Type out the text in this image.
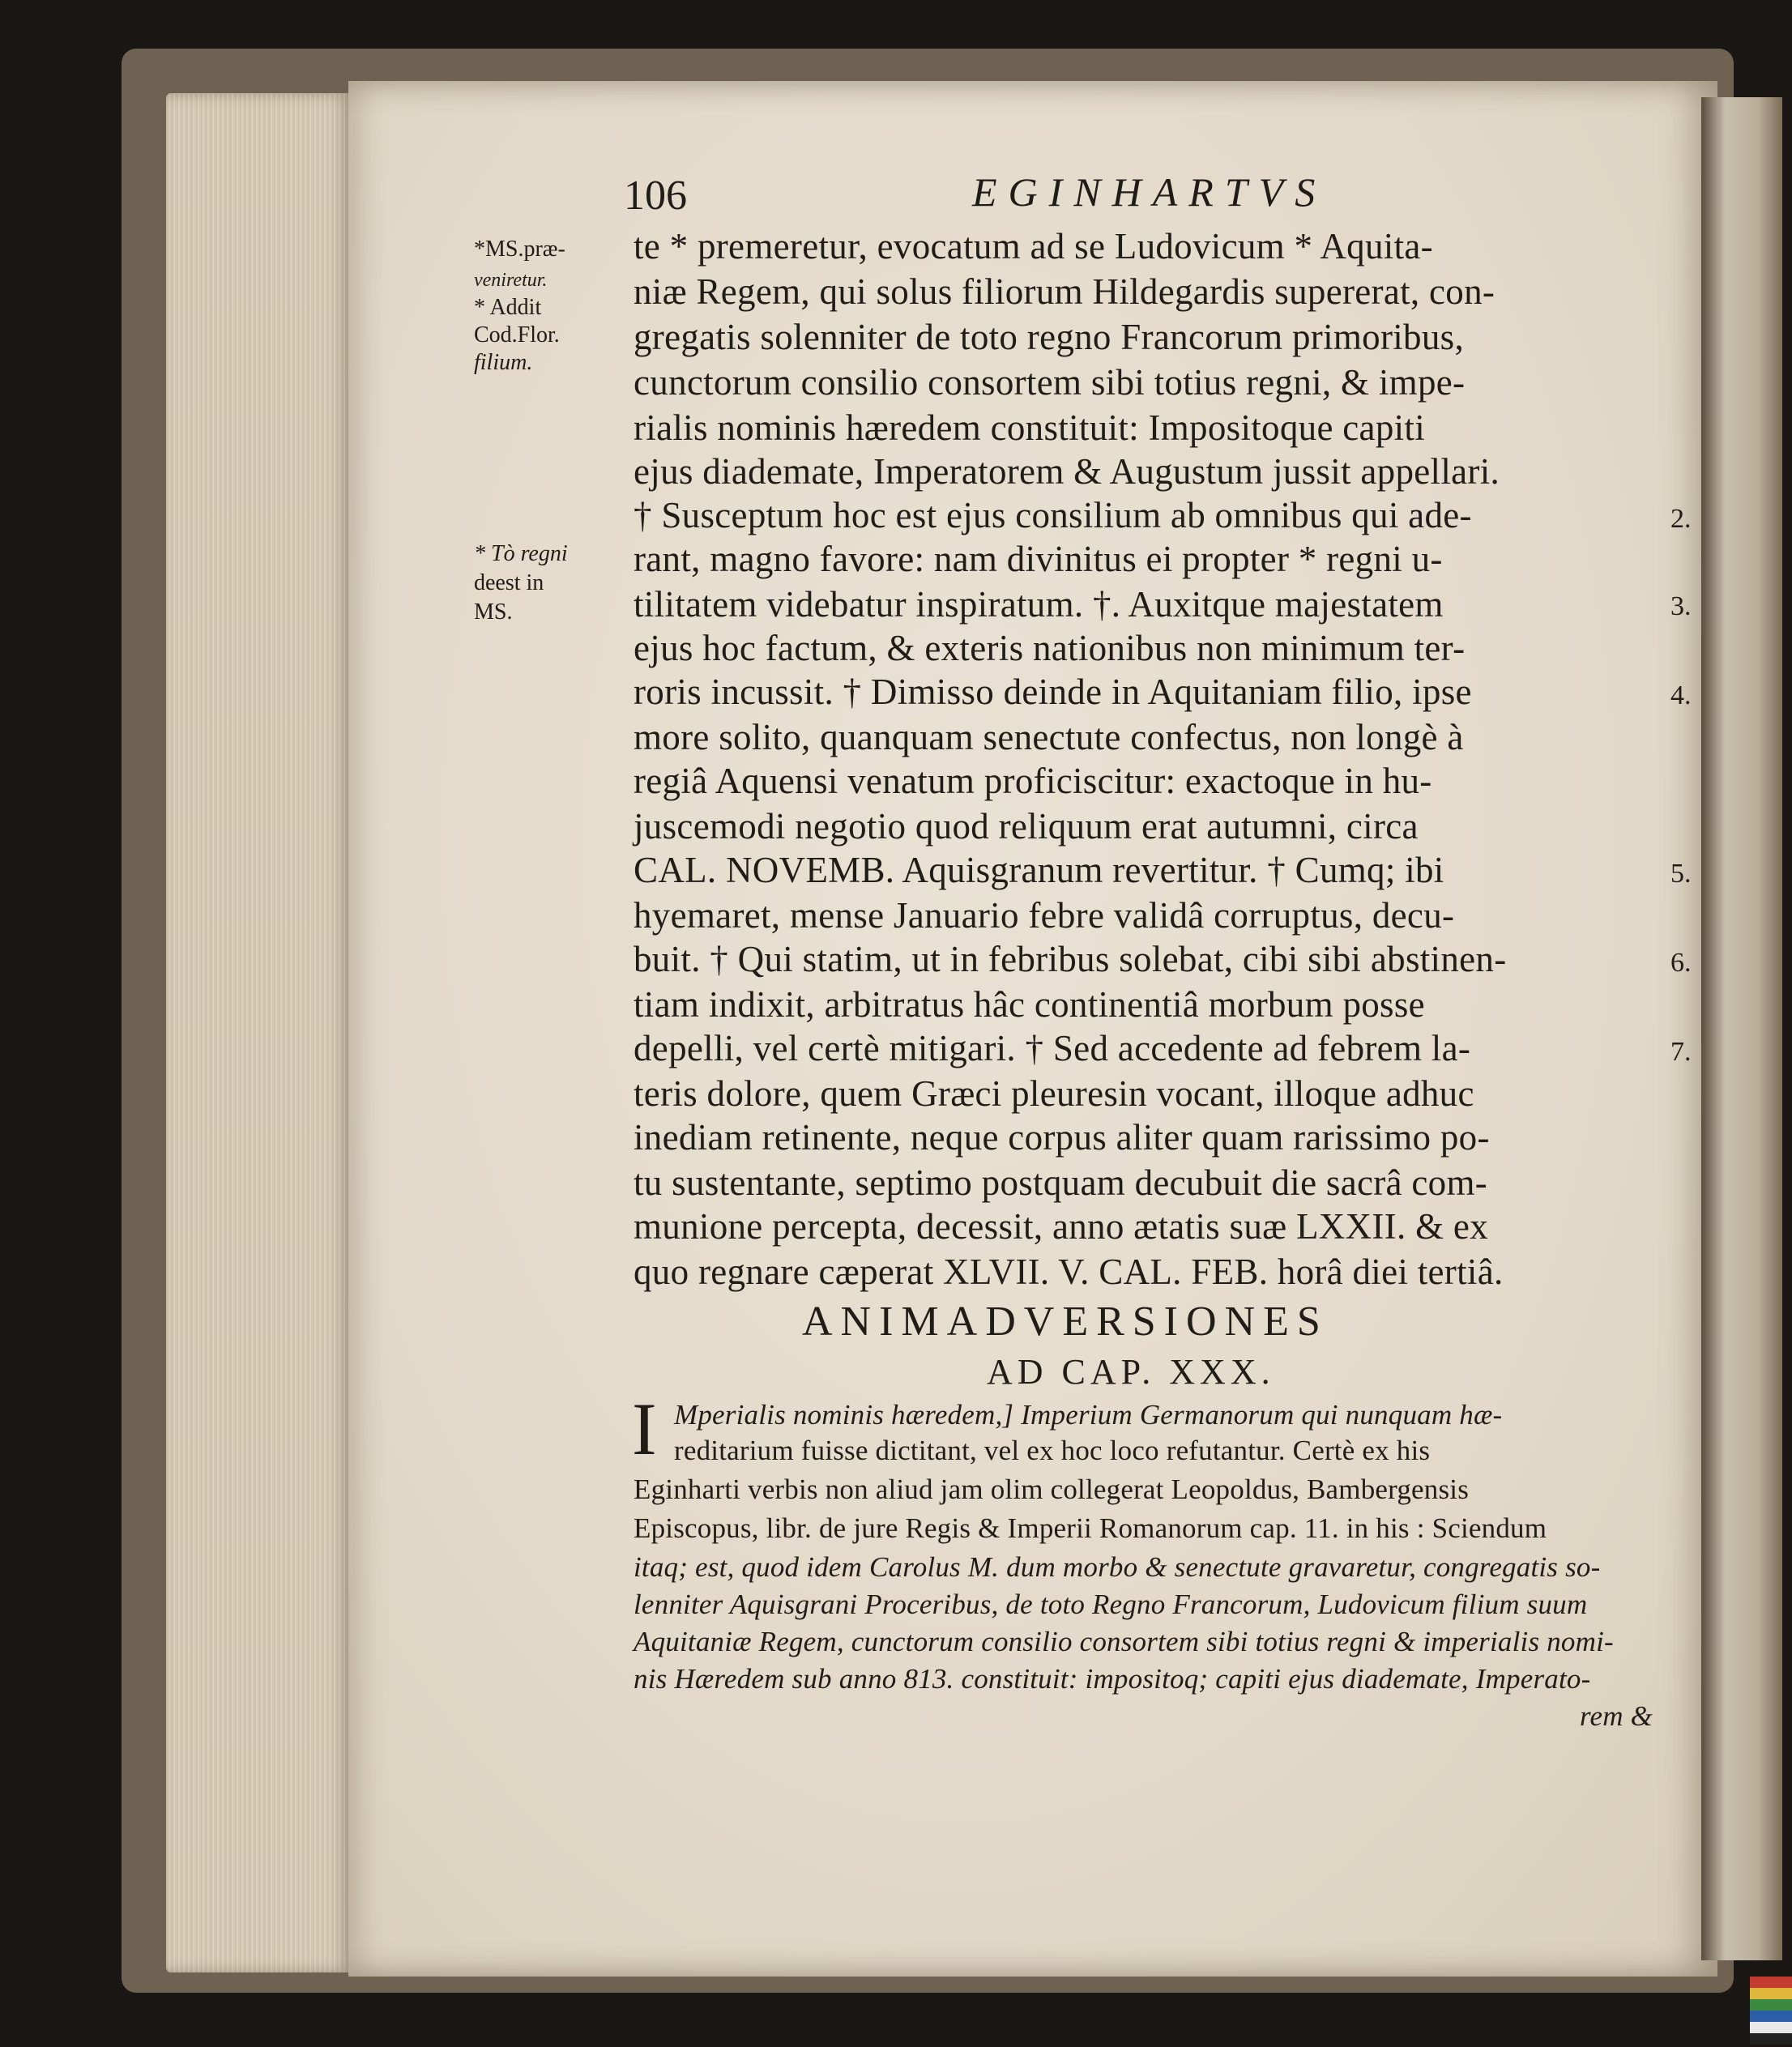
106	EGINHARTVS
*MS.præ-
veniretur.
* Addit
Cod.Flor.
filium.
* Tò regni
deest in
MS.
te * premeretur, evocatum ad se Ludovicum * Aquita-
niæ Regem, qui solus filiorum Hildegardis supererat, con-
gregatis solenniter de toto regno Francorum primoribus,
cunctorum consilio consortem sibi totius regni, & impe-
rialis nominis hæredem constituit: Impositoque capiti
ejus diademate, Imperatorem & Augustum jussit appellari.
† Susceptum hoc est ejus consilium ab omnibus qui ade-
rant, magno favore: nam divinitus ei propter * regni u-
tilitatem videbatur inspiratum. †. Auxitque majestatem
ejus hoc factum, & exteris nationibus non minimum ter-
roris incussit. † Dimisso deinde in Aquitaniam filio, ipse
more solito, quanquam senectute confectus, non longè à
regiâ Aquensi venatum proficiscitur: exactoque in hu-
juscemodi negotio quod reliquum erat autumni, circa
CAL. NOVEMB. Aquisgranum revertitur. † Cumq; ibi
hyemaret, mense Januario febre validâ corruptus, decu-
buit. † Qui statim, ut in febribus solebat, cibi sibi abstinen-
tiam indixit, arbitratus hâc continentiâ morbum posse
depelli, vel certè mitigari. † Sed accedente ad febrem la-
teris dolore, quem Græci pleuresin vocant, illoque adhuc
inediam retinente, neque corpus aliter quam rarissimo po-
tu sustentante, septimo postquam decubuit die sacrâ com-
munione percepta, decessit, anno ætatis suæ LXXII. & ex
quo regnare cæperat XLVII. V. CAL. FEB. horâ diei tertiâ.
2.
3.
4.
5.
6.
7.
ANIMADVERSIONES
AD CAP. XXX.
I Mperialis nominis hæredem,] Imperium Germanorum qui nunquam hæ-
reditarium fuisse dictitant, vel ex hoc loco refutantur. Certè ex his
Eginharti verbis non aliud jam olim collegerat Leopoldus, Bambergensis
Episcopus, libr. de jure Regis & Imperii Romanorum cap. 11. in his : Sciendum
itaq; est, quod idem Carolus M. dum morbo & senectute gravaretur, congregatis so-
lenniter Aquisgrani Proceribus, de toto Regno Francorum, Ludovicum filium suum
Aquitaniæ Regem, cunctorum consilio consortem sibi totius regni & imperialis nomi-
nis Hæredem sub anno 813. constituit: impositoq; capiti ejus diademate, Imperato-
rem &
